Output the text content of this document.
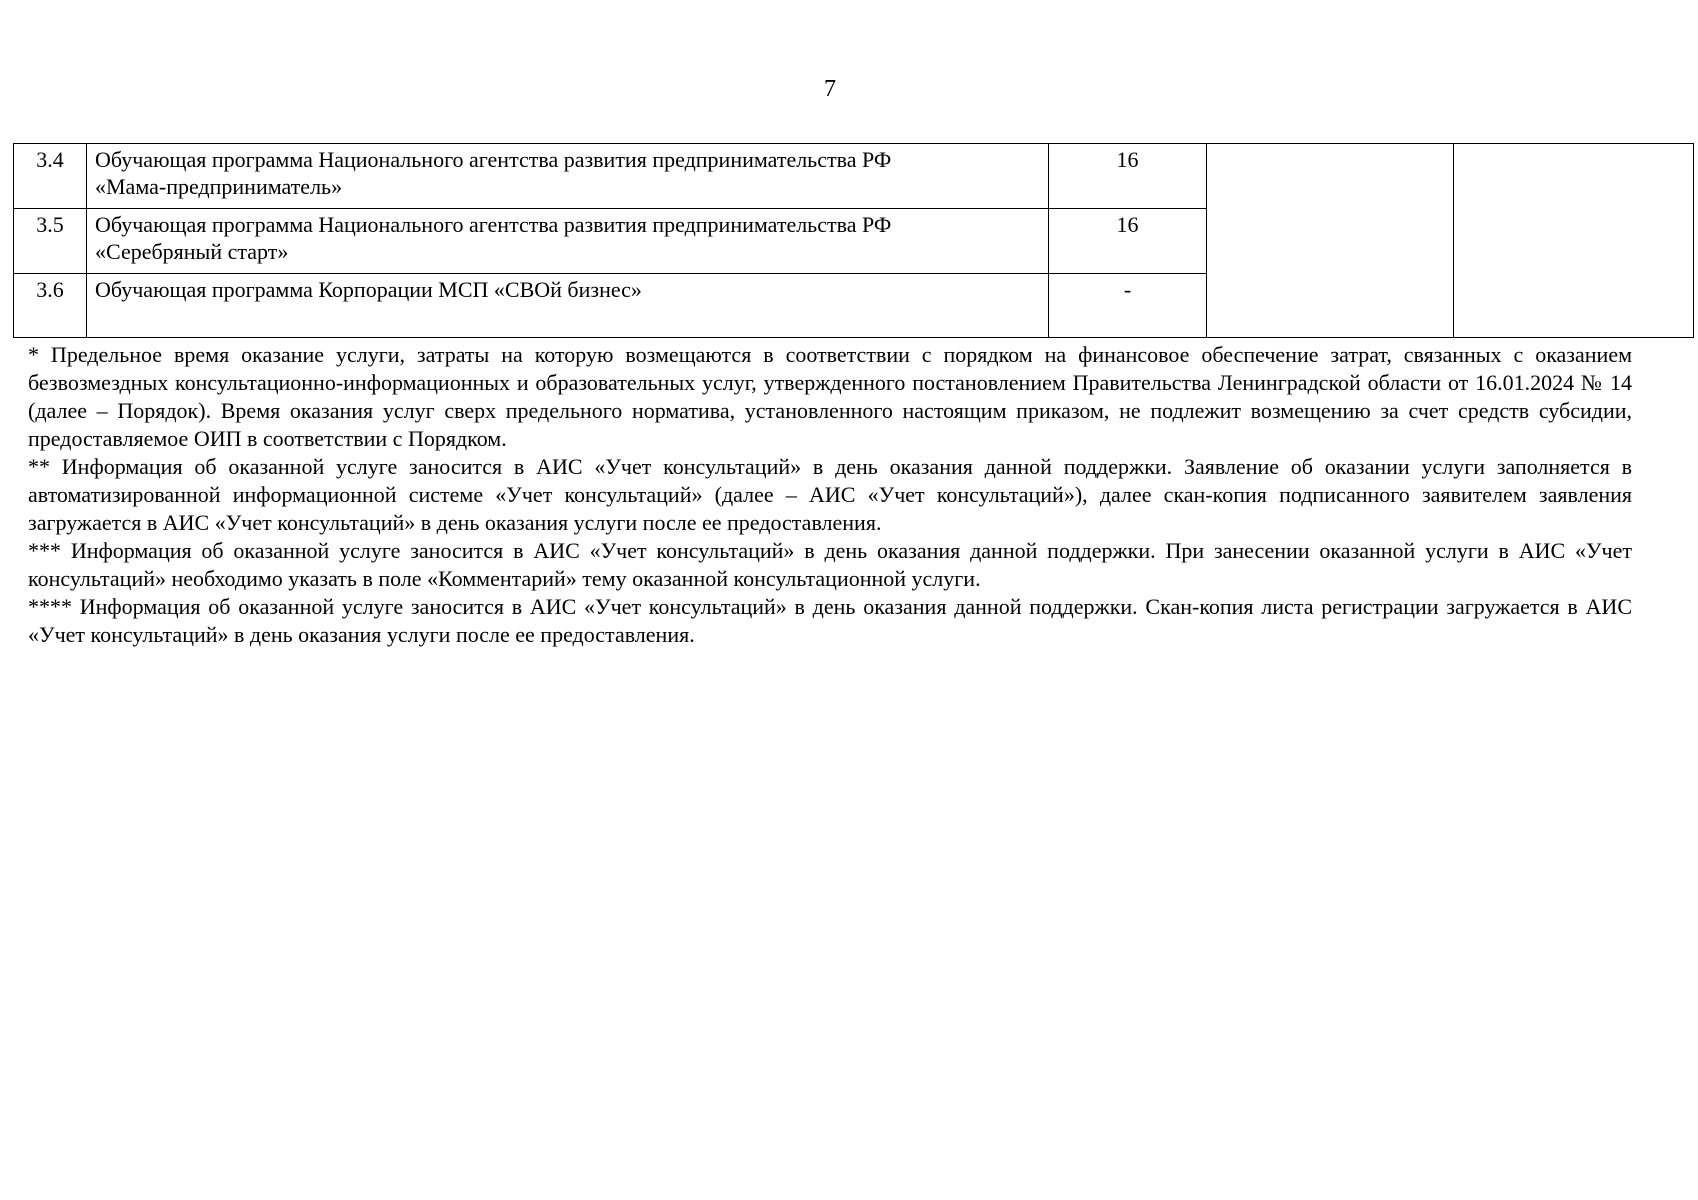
7
3.4	Обучающая программа Национального агентства развития предпринимательства РФ
«Мама-предприниматель»	16		
3.5	Обучающая программа Национального агентства развития предпринимательства РФ
«Серебряный старт»	16		
3.6	Обучающая программа Корпорации МСП «СВОй бизнес»	-		

* Предельное время оказание услуги, затраты на которую возмещаются в соответствии с порядком на финансовое обеспечение затрат, связанных с оказанием безвозмездных консультационно-информационных и образовательных услуг, утвержденного постановлением Правительства Ленинградской области от 16.01.2024 № 14 (далее – Порядок). Время оказания услуг сверх предельного норматива, установленного настоящим приказом, не подлежит возмещению за счет средств субсидии, предоставляемое ОИП в соответствии с Порядком.

** Информация об оказанной услуге заносится в АИС «Учет консультаций» в день оказания данной поддержки. Заявление об оказании услуги заполняется в автоматизированной информационной системе «Учет консультаций» (далее – АИС «Учет консультаций»), далее скан-копия подписанного заявителем заявления загружается в АИС «Учет консультаций» в день оказания услуги после ее предоставления.

*** Информация об оказанной услуге заносится в АИС «Учет консультаций» в день оказания данной поддержки. При занесении оказанной услуги в АИС «Учет консультаций» необходимо указать в поле «Комментарий» тему оказанной консультационной услуги.

**** Информация об оказанной услуге заносится в АИС «Учет консультаций» в день оказания данной поддержки. Скан-копия листа регистрации загружается в АИС «Учет консультаций» в день оказания услуги после ее предоставления.
